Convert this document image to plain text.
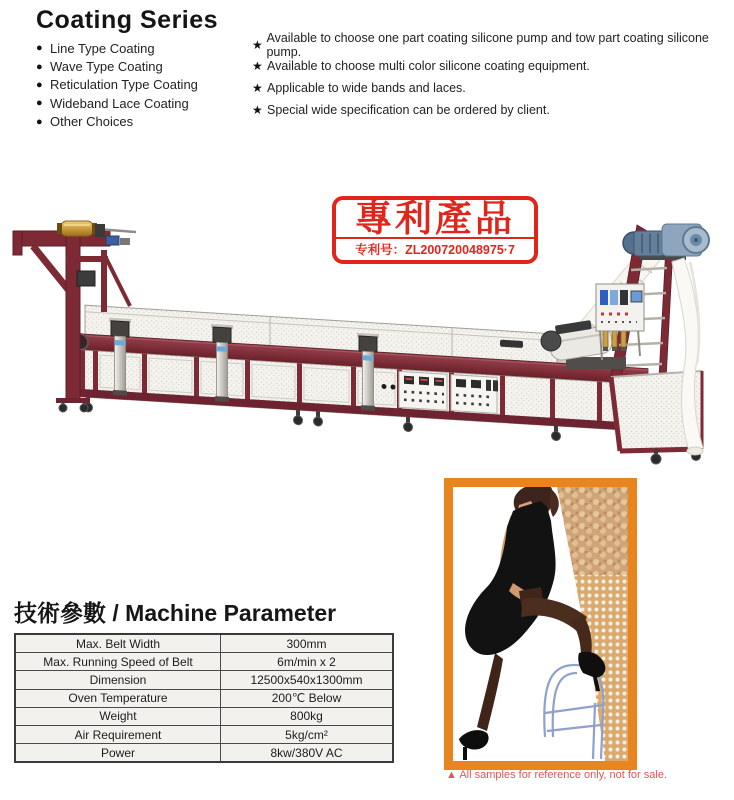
Coating Series
● Line Type Coating
● Wave Type Coating
● Reticulation Type Coating
● Wideband Lace Coating
● Other Choices
★ Available to choose one part coating silicone pump and tow part coating silicone pump.
★ Available to choose multi color silicone coating equipment.
★ Applicable to wide bands and laces.
★ Special wide specification can be ordered by client.
專利產品
专利号：ZL200720048975·7
▲ All samples for reference only, not for sale.
技術參數 / Machine Parameter
Max. Belt Width	300mm
Max. Running Speed of Belt	6m/min x 2
Dimension	12500x540x1300mm
Oven Temperature	200℃ Below
Weight	800kg
Air Requirement	5kg/cm²
Power	8kw/380V AC
